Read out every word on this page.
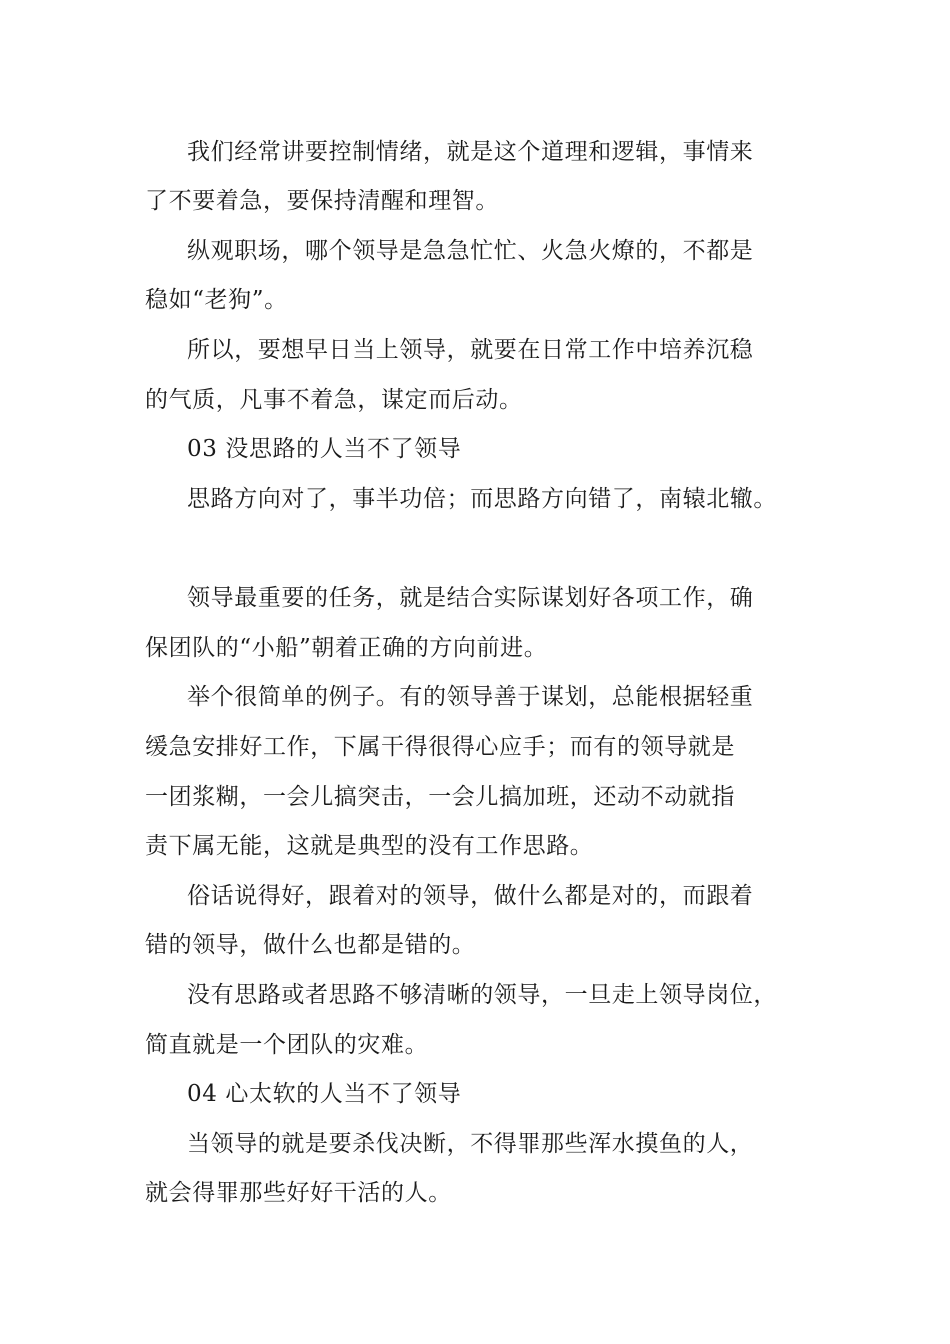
我们经常讲要控制情绪，就是这个道理和逻辑，事情来
了不要着急，要保持清醒和理智。
纵观职场，哪个领导是急急忙忙、火急火燎的，不都是
稳如“老狗”。
所以，要想早日当上领导，就要在日常工作中培养沉稳
的气质，凡事不着急，谋定而后动。
03 没思路的人当不了领导
思路方向对了，事半功倍；而思路方向错了，南辕北辙。
领导最重要的任务，就是结合实际谋划好各项工作，确
保团队的“小船”朝着正确的方向前进。
举个很简单的例子。有的领导善于谋划，总能根据轻重
缓急安排好工作，下属干得很得心应手；而有的领导就是
一团浆糊，一会儿搞突击，一会儿搞加班，还动不动就指
责下属无能，这就是典型的没有工作思路。
俗话说得好，跟着对的领导，做什么都是对的，而跟着
错的领导，做什么也都是错的。
没有思路或者思路不够清晰的领导，一旦走上领导岗位，
简直就是一个团队的灾难。
04 心太软的人当不了领导
当领导的就是要杀伐决断，不得罪那些浑水摸鱼的人，
就会得罪那些好好干活的人。
